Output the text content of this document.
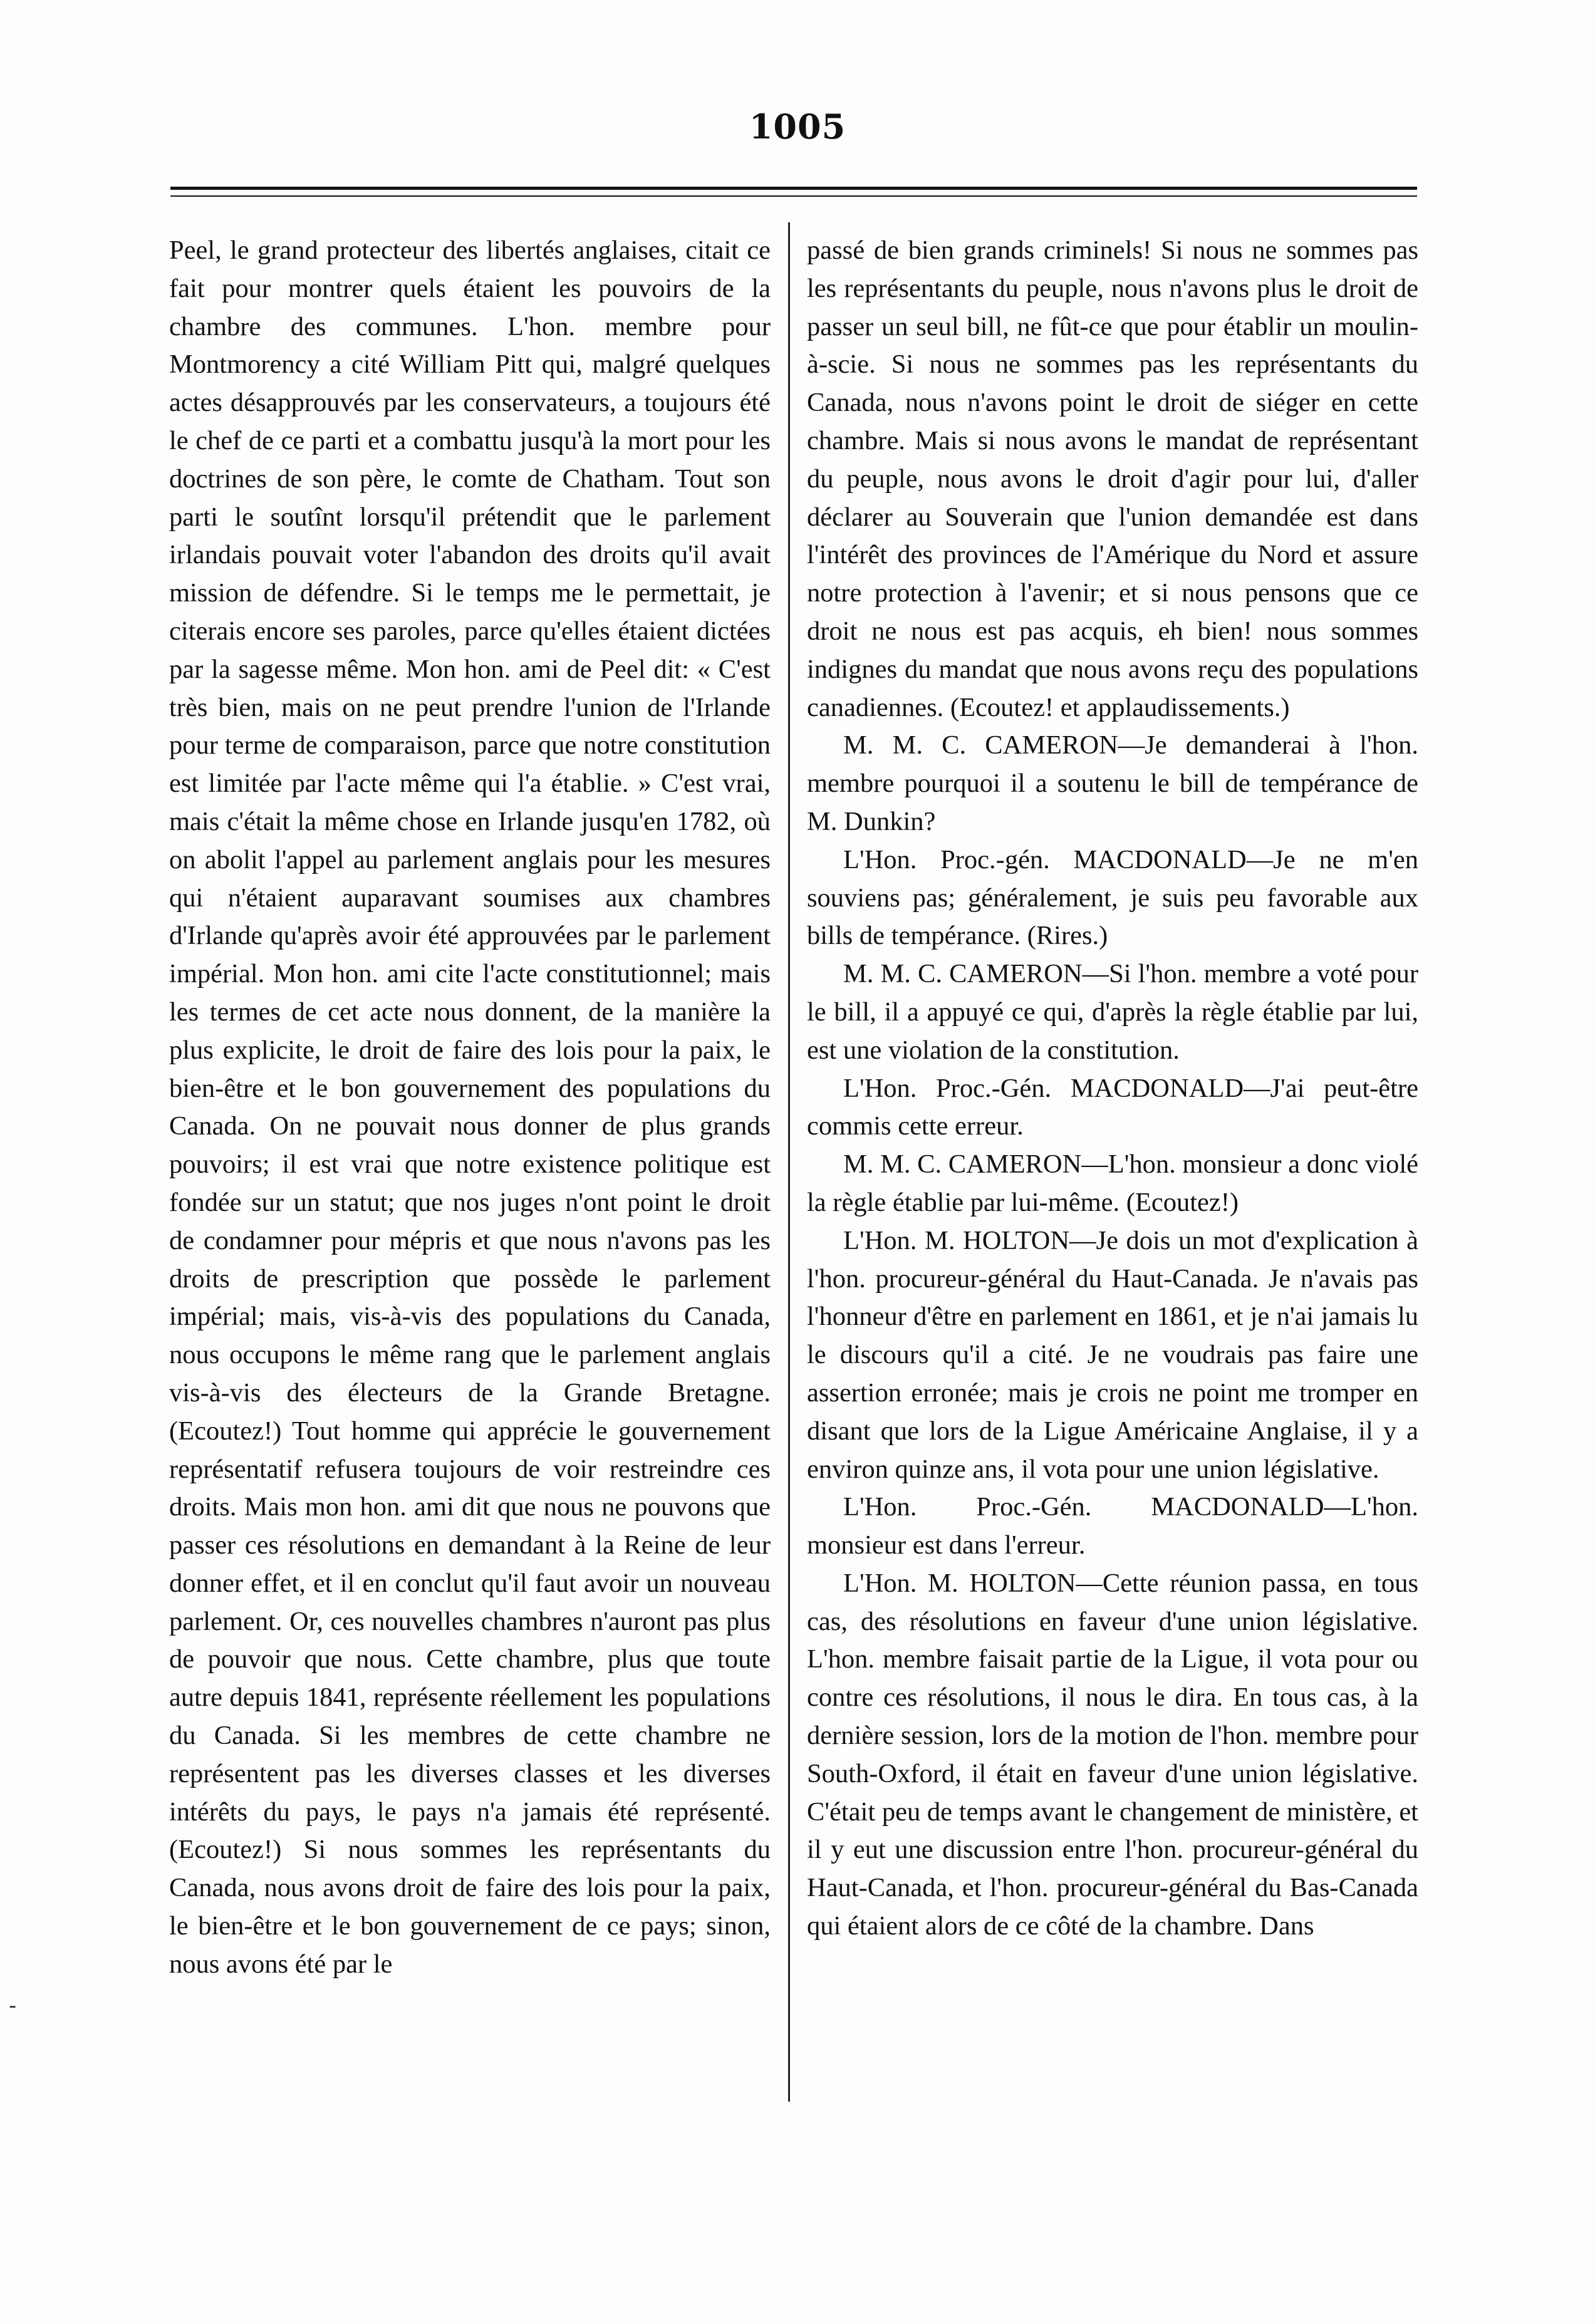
1005

Peel, le grand protecteur des libertés anglaises, citait ce fait pour montrer quels étaient les pouvoirs de la chambre des communes. L'hon. membre pour Montmorency a cité William Pitt qui, malgré quelques actes désapprouvés par les conservateurs, a toujours été le chef de ce parti et a combattu jusqu'à la mort pour les doctrines de son père, le comte de Chatham. Tout son parti le soutînt lorsqu'il prétendit que le parlement irlandais pouvait voter l'abandon des droits qu'il avait mission de défendre. Si le temps me le permettait, je citerais encore ses paroles, parce qu'elles étaient dictées par la sagesse même. Mon hon. ami de Peel dit: « C'est très bien, mais on ne peut prendre l'union de l'Irlande pour terme de comparaison, parce que notre constitution est limitée par l'acte même qui l'a établie. » C'est vrai, mais c'était la même chose en Irlande jusqu'en 1782, où on abolit l'appel au parlement anglais pour les mesures qui n'étaient auparavant soumises aux chambres d'Irlande qu'après avoir été approuvées par le parlement impérial. Mon hon. ami cite l'acte constitutionnel; mais les termes de cet acte nous donnent, de la manière la plus explicite, le droit de faire des lois pour la paix, le bien-être et le bon gouvernement des populations du Canada. On ne pouvait nous donner de plus grands pouvoirs; il est vrai que notre existence politique est fondée sur un statut; que nos juges n'ont point le droit de condamner pour mépris et que nous n'avons pas les droits de prescription que possède le parlement impérial; mais, vis-à-vis des populations du Canada, nous occupons le même rang que le parlement anglais vis-à-vis des électeurs de la Grande Bretagne. (Ecoutez!) Tout homme qui apprécie le gouvernement représentatif refusera toujours de voir restreindre ces droits. Mais mon hon. ami dit que nous ne pouvons que passer ces résolutions en demandant à la Reine de leur donner effet, et il en conclut qu'il faut avoir un nouveau parlement. Or, ces nouvelles chambres n'auront pas plus de pouvoir que nous. Cette chambre, plus que toute autre depuis 1841, représente réellement les populations du Canada. Si les membres de cette chambre ne représentent pas les diverses classes et les diverses intérêts du pays, le pays n'a jamais été représenté. (Ecoutez!) Si nous sommes les représentants du Canada, nous avons droit de faire des lois pour la paix, le bien-être et le bon gouvernement de ce pays; sinon, nous avons été par le

passé de bien grands criminels! Si nous ne sommes pas les représentants du peuple, nous n'avons plus le droit de passer un seul bill, ne fût-ce que pour établir un moulin-à-scie. Si nous ne sommes pas les représentants du Canada, nous n'avons point le droit de siéger en cette chambre. Mais si nous avons le mandat de représentant du peuple, nous avons le droit d'agir pour lui, d'aller déclarer au Souverain que l'union demandée est dans l'intérêt des provinces de l'Amérique du Nord et assure notre protection à l'avenir; et si nous pensons que ce droit ne nous est pas acquis, eh bien! nous sommes indignes du mandat que nous avons reçu des populations canadiennes. (Ecoutez! et applaudissements.)

M. M. C. CAMERON—Je demanderai à l'hon. membre pourquoi il a soutenu le bill de tempérance de M. Dunkin?

L'Hon. Proc.-gén. MACDONALD—Je ne m'en souviens pas; généralement, je suis peu favorable aux bills de tempérance. (Rires.)

M. M. C. CAMERON—Si l'hon. membre a voté pour le bill, il a appuyé ce qui, d'après la règle établie par lui, est une violation de la constitution.

L'Hon. Proc.-Gén. MACDONALD—J'ai peut-être commis cette erreur.

M. M. C. CAMERON—L'hon. monsieur a donc violé la règle établie par lui-même. (Ecoutez!)

L'Hon. M. HOLTON—Je dois un mot d'explication à l'hon. procureur-général du Haut-Canada. Je n'avais pas l'honneur d'être en parlement en 1861, et je n'ai jamais lu le discours qu'il a cité. Je ne voudrais pas faire une assertion erronée; mais je crois ne point me tromper en disant que lors de la Ligue Américaine Anglaise, il y a environ quinze ans, il vota pour une union législative.

L'Hon. Proc.-Gén. MACDONALD—L'hon. monsieur est dans l'erreur.

L'Hon. M. HOLTON—Cette réunion passa, en tous cas, des résolutions en faveur d'une union législative. L'hon. membre faisait partie de la Ligue, il vota pour ou contre ces résolutions, il nous le dira. En tous cas, à la dernière session, lors de la motion de l'hon. membre pour South-Oxford, il était en faveur d'une union législative. C'était peu de temps avant le changement de ministère, et il y eut une discussion entre l'hon. procureur-général du Haut-Canada, et l'hon. procureur-général du Bas-Canada qui étaient alors de ce côté de la chambre. Dans

-
